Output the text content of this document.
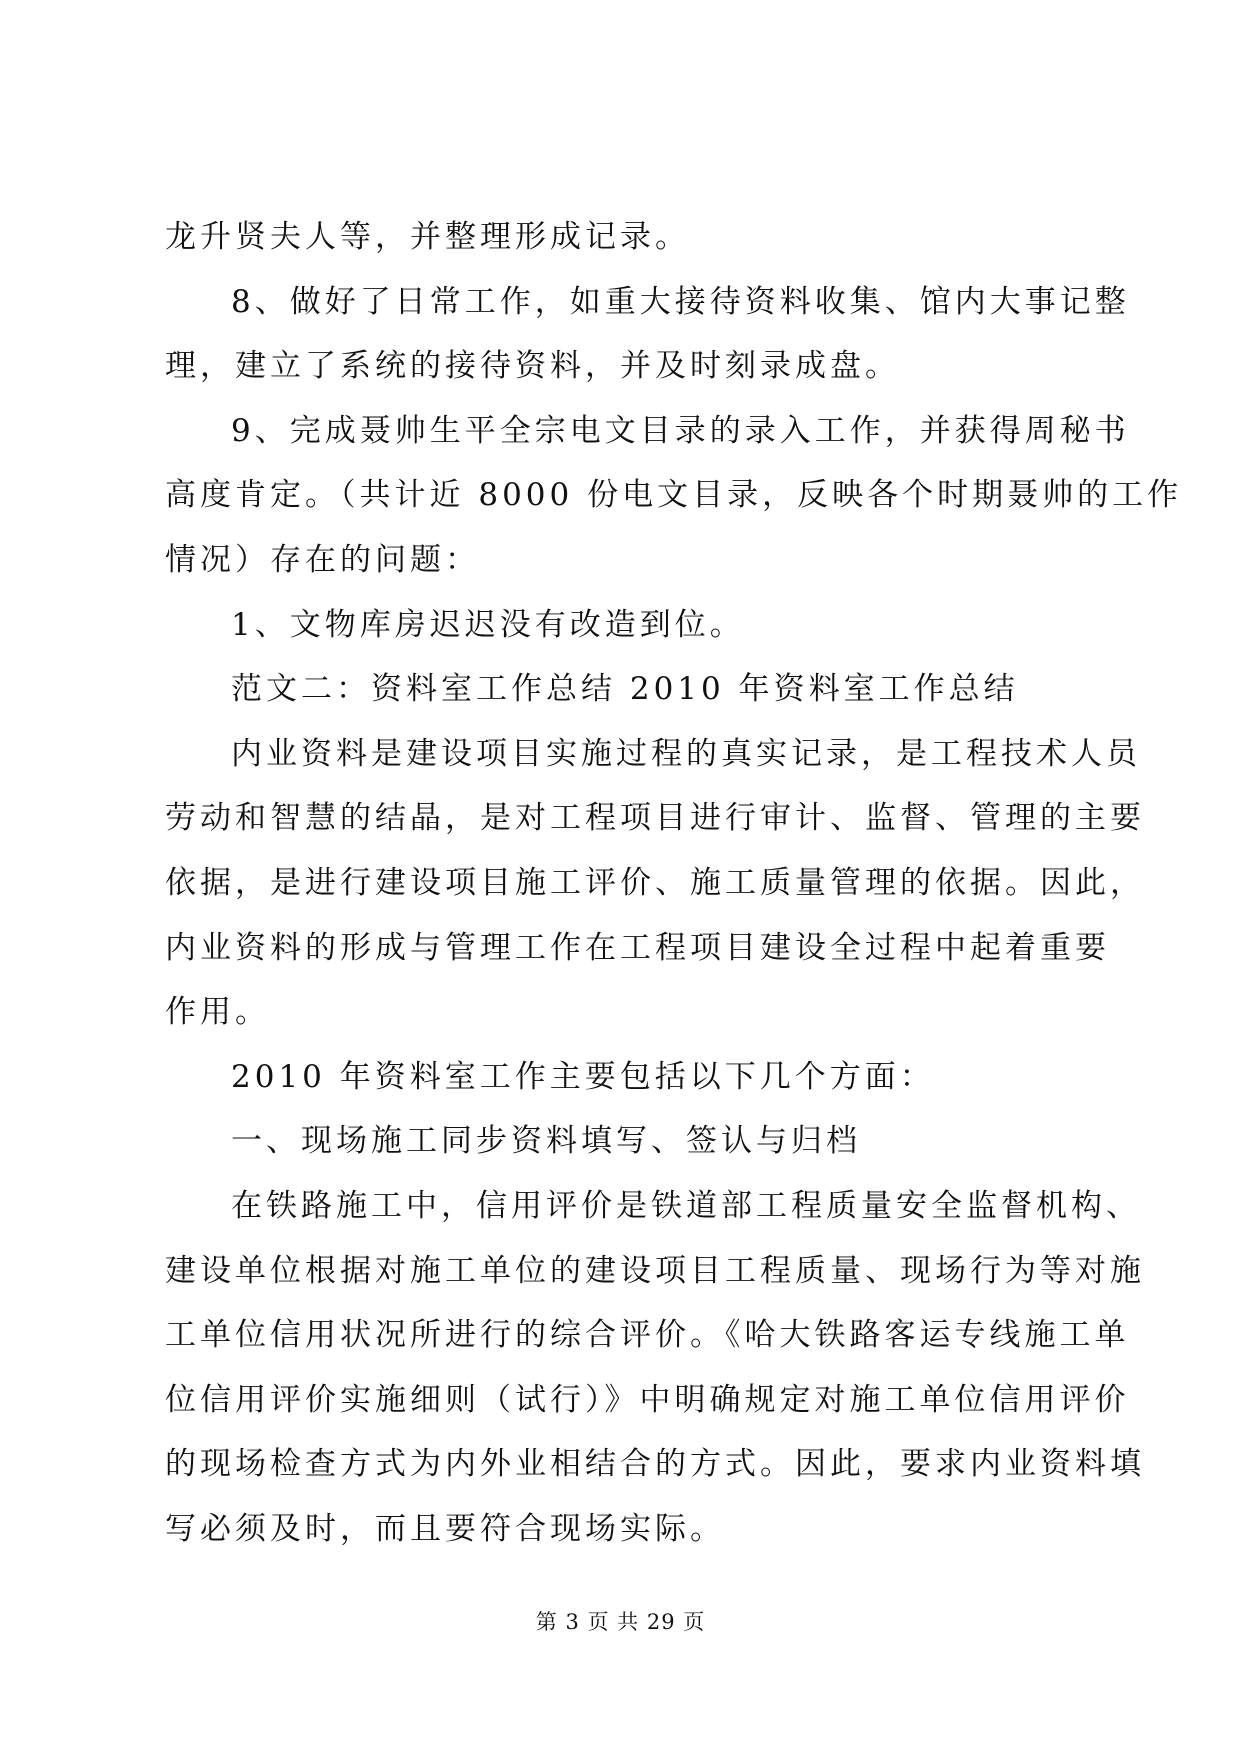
龙升贤夫人等，并整理形成记录。

8、做好了日常工作，如重大接待资料收集、馆内大事记整

理，建立了系统的接待资料，并及时刻录成盘。

9、完成聂帅生平全宗电文目录的录入工作，并获得周秘书

高度肯定。（共计近 8000 份电文目录，反映各个时期聂帅的工作

情况）存在的问题：

1、文物库房迟迟没有改造到位。

范文二：资料室工作总结 2010 年资料室工作总结

内业资料是建设项目实施过程的真实记录，是工程技术人员

劳动和智慧的结晶，是对工程项目进行审计、监督、管理的主要

依据，是进行建设项目施工评价、施工质量管理的依据。因此，

内业资料的形成与管理工作在工程项目建设全过程中起着重要

作用。

2010 年资料室工作主要包括以下几个方面：

一、现场施工同步资料填写、签认与归档

在铁路施工中，信用评价是铁道部工程质量安全监督机构、

建设单位根据对施工单位的建设项目工程质量、现场行为等对施

工单位信用状况所进行的综合评价。《哈大铁路客运专线施工单

位信用评价实施细则（试行）》中明确规定对施工单位信用评价

的现场检查方式为内外业相结合的方式。因此，要求内业资料填

写必须及时，而且要符合现场实际。

第 3 页 共 29 页
